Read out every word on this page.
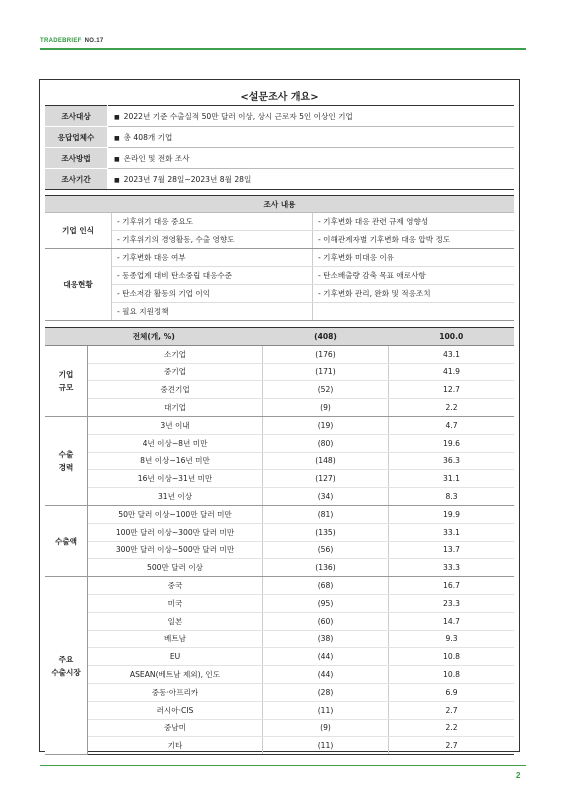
TRADEBRIEF NO.17
<설문조사 개요>
조사대상	■ 2022년 기준 수출실적 50만 달러 이상, 상시 근로자 5인 이상인 기업
응답업체수	■ 총 408개 기업
조사방법	■ 온라인 및 전화 조사
조사기간	■ 2023년 7월 28일~2023년 8월 28일
조사 내용		
기업 인식	- 기후위기 대응 중요도	- 기후변화 대응 관련 규제 영향성
	- 기후위기의 경영활동, 수출 영향도	- 이해관계자별 기후변화 대응 압박 정도
대응현황	- 기후변화 대응 여부	- 기후변화 미대응 이유
	- 동종업계 대비 탄소중립 대응수준	- 탄소배출량 감축 목표 애로사항
	- 탄소저감 활동의 기업 이익	- 기후변화 관리, 완화 및 적응조치
	- 필요 지원정책	
전체(개, %)		(408)	100.0
기업
규모	소기업	(176)	43.1
	중기업	(171)	41.9
	중견기업	(52)	12.7
	대기업	(9)	2.2
수출
경력	3년 이내	(19)	4.7
	4년 이상~8년 미만	(80)	19.6
	8년 이상~16년 미만	(148)	36.3
	16년 이상~31년 미만	(127)	31.1
	31년 이상	(34)	8.3
수출액	50만 달러 이상~100만 달러 미만	(81)	19.9
	100만 달러 이상~300만 달러 미만	(135)	33.1
	300만 달러 이상~500만 달러 미만	(56)	13.7
	500만 달러 이상	(136)	33.3
주요
수출시장	중국	(68)	16.7
	미국	(95)	23.3
	일본	(60)	14.7
	베트남	(38)	9.3
	EU	(44)	10.8
	ASEAN(베트남 제외), 인도	(44)	10.8
	중동·아프리카	(28)	6.9
	러시아·CIS	(11)	2.7
	중남미	(9)	2.2
	기타	(11)	2.7
2
